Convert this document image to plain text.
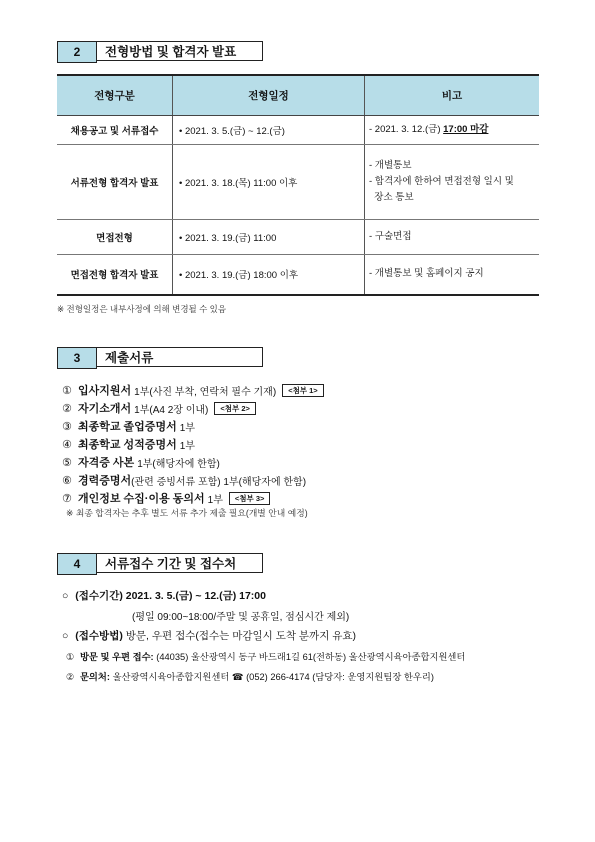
2	전형방법 및 합격자 발표
전형구분	전형일정	비고
채용공고 및 서류접수	• 2021. 3. 5.(금) ~ 12.(금)	- 2021. 3. 12.(금) 17:00 마감
서류전형 합격자 발표	• 2021. 3. 18.(목) 11:00 이후	- 개별통보
- 합격자에 한하여 면접전형 일시 및
장소 통보

면접전형	• 2021. 3. 19.(금) 11:00	- 구술면접
면접전형 합격자 발표	• 2021. 3. 19.(금) 18:00 이후	- 개별통보 및 홈페이지 공지
※ 전형일정은 내부사정에 의해 변경될 수 있음
3	제출서류
① 입사지원서 1부(사진 부착, 연락처 필수 기재)	<첨부 1>
② 자기소개서 1부(A4 2장 이내)	<첨부 2>
③ 최종학교 졸업증명서 1부
④ 최종학교 성적증명서 1부
⑤ 자격증 사본 1부(해당자에 한함)
⑥ 경력증명서 (관련 증빙서류 포함) 1부(해당자에 한함)
⑦ 개인정보 수집·이용 동의서 1부	<첨부 3>
※ 최종 합격자는 추후 별도 서류 추가 제출 필요(개별 안내 예정)
4	서류접수 기간 및 접수처
○ (접수기간) 2021. 3. 5.(금) ~ 12.(금) 17:00
(평일 09:00~18:00/주말 및 공휴일, 점심시간 제외)
○ (접수방법) 방문, 우편 접수(접수는 마감일시 도착 분까지 유효)
① 방문 및 우편 접수: (44035) 울산광역시 동구 바드래1길 61(전하동) 울산광역시육아종합지원센터
② 문의처: 울산광역시육아종합지원센터 ☎ (052) 266-4174 (담당자: 운영지원팀장 한우리)
